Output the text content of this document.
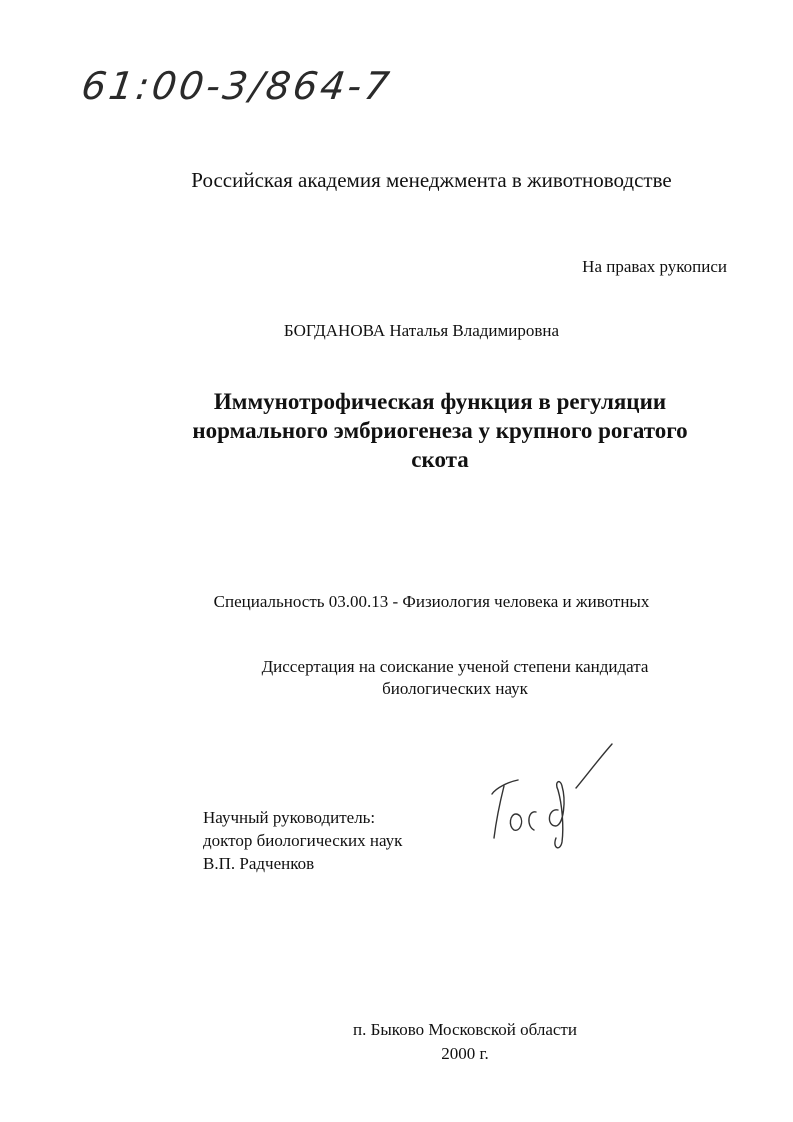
61:00-3/864-7
Российская академия менеджмента в животноводстве
На правах рукописи
БОГДАНОВА Наталья Владимировна
Иммунотрофическая функция в регуляции
нормального эмбриогенеза у крупного рогатого
скота
Специальность 03.00.13 - Физиология человека и животных
Диссертация на соискание ученой степени кандидата
биологических наук
Научный руководитель:
доктор биологических наук
В.П. Радченков
п. Быково Московской области
2000 г.
